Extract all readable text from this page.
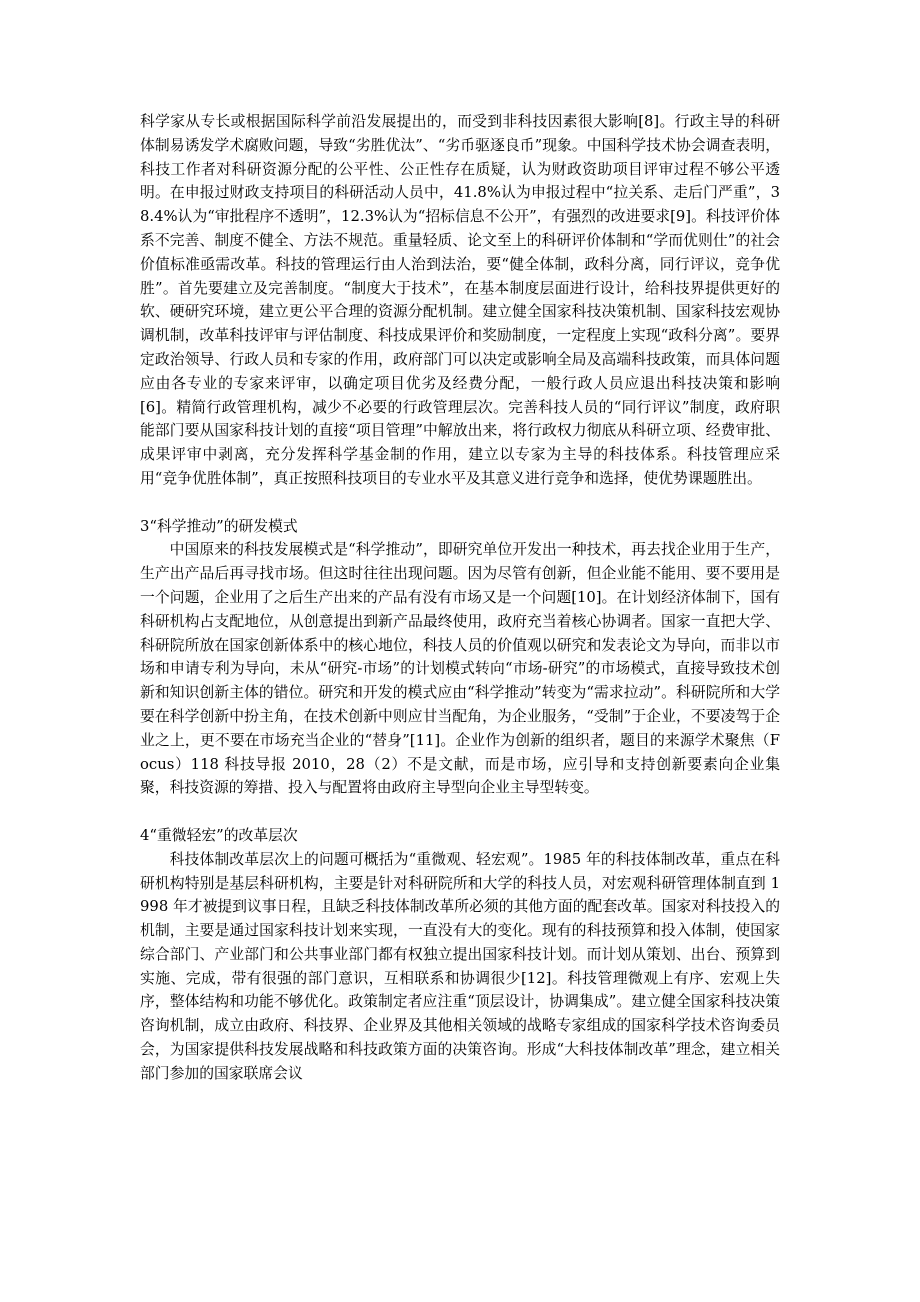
科学家从专长或根据国际科学前沿发展提出的，而受到非科技因素很大影响[8]。行政主导的科研体制易诱发学术腐败问题，导致“劣胜优汰”、“劣币驱逐良币”现象。中国科学技术协会调查表明，科技工作者对科研资源分配的公平性、公正性存在质疑，认为财政资助项目评审过程不够公平透明。在申报过财政支持项目的科研活动人员中，41.8%认为申报过程中“拉关系、走后门严重”，38.4%认为“审批程序不透明”，12.3%认为“招标信息不公开”，有强烈的改进要求[9]。科技评价体系不完善、制度不健全、方法不规范。重量轻质、论文至上的科研评价体制和“学而优则仕”的社会价值标准亟需改革。科技的管理运行由人治到法治，要“健全体制，政科分离，同行评议，竞争优胜”。首先要建立及完善制度。“制度大于技术”，在基本制度层面进行设计，给科技界提供更好的软、硬研究环境，建立更公平合理的资源分配机制。建立健全国家科技决策机制、国家科技宏观协调机制，改革科技评审与评估制度、科技成果评价和奖励制度，一定程度上实现“政科分离”。要界定政治领导、行政人员和专家的作用，政府部门可以决定或影响全局及高端科技政策，而具体问题应由各专业的专家来评审，以确定项目优劣及经费分配，一般行政人员应退出科技决策和影响[6]。精简行政管理机构，减少不必要的行政管理层次。完善科技人员的“同行评议”制度，政府职能部门要从国家科技计划的直接“项目管理”中解放出来，将行政权力彻底从科研立项、经费审批、成果评审中剥离，充分发挥科学基金制的作用，建立以专家为主导的科技体系。科技管理应采用“竞争优胜体制”，真正按照科技项目的专业水平及其意义进行竞争和选择，使优势课题胜出。

3“科学推动”的研发模式

中国原来的科技发展模式是“科学推动”，即研究单位开发出一种技术，再去找企业用于生产，生产出产品后再寻找市场。但这时往往出现问题。因为尽管有创新，但企业能不能用、要不要用是一个问题，企业用了之后生产出来的产品有没有市场又是一个问题[10]。在计划经济体制下，国有科研机构占支配地位，从创意提出到新产品最终使用，政府充当着核心协调者。国家一直把大学、科研院所放在国家创新体系中的核心地位，科技人员的价值观以研究和发表论文为导向，而非以市场和申请专利为导向，未从“研究-市场”的计划模式转向“市场-研究”的市场模式，直接导致技术创新和知识创新主体的错位。研究和开发的模式应由“科学推动”转变为“需求拉动”。科研院所和大学要在科学创新中扮主角，在技术创新中则应甘当配角，为企业服务，“受制”于企业，不要凌驾于企业之上，更不要在市场充当企业的“替身”[11]。企业作为创新的组织者，题目的来源学术聚焦（Focus）118 科技导报 2010，28（2）不是文献，而是市场，应引导和支持创新要素向企业集聚，科技资源的筹措、投入与配置将由政府主导型向企业主导型转变。

4“重微轻宏”的改革层次

科技体制改革层次上的问题可概括为“重微观、轻宏观”。1985 年的科技体制改革，重点在科研机构特别是基层科研机构，主要是针对科研院所和大学的科技人员，对宏观科研管理体制直到 1998 年才被提到议事日程，且缺乏科技体制改革所必须的其他方面的配套改革。国家对科技投入的机制，主要是通过国家科技计划来实现，一直没有大的变化。现有的科技预算和投入体制，使国家综合部门、产业部门和公共事业部门都有权独立提出国家科技计划。而计划从策划、出台、预算到实施、完成，带有很强的部门意识，互相联系和协调很少[12]。科技管理微观上有序、宏观上失序，整体结构和功能不够优化。政策制定者应注重“顶层设计，协调集成”。建立健全国家科技决策咨询机制，成立由政府、科技界、企业界及其他相关领域的战略专家组成的国家科学技术咨询委员会，为国家提供科技发展战略和科技政策方面的决策咨询。形成“大科技体制改革”理念，建立相关部门参加的国家联席会议
